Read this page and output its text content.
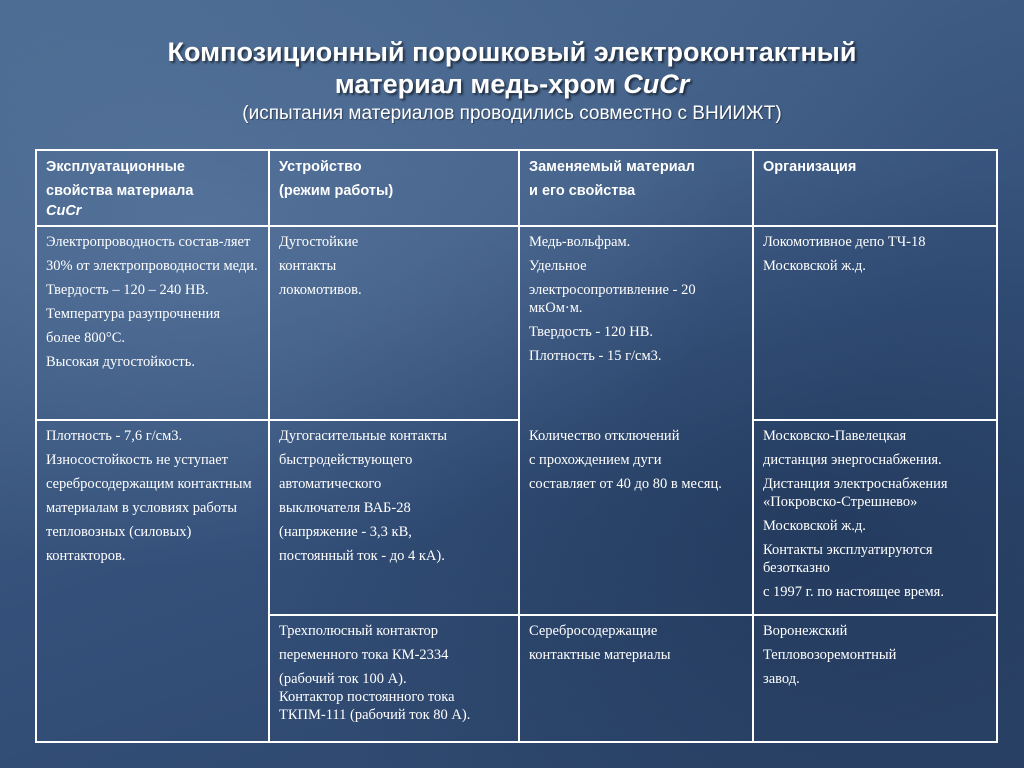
Композиционный порошковый электроконтактный
материал медь-хром CuCr
(испытания материалов проводились совместно с ВНИИЖТ)
Эксплуатационные
свойства материала
CuCr
Устройство
(режим работы)
Заменяемый материал
и его свойства
Организация

Электропроводность состав-ляет

30% от электропроводности меди.

Твердость – 120 – 240 НВ.

Температура разупрочнения

более 800°С.

Высокая дугостойкость.

Плотность - 7,6 г/см3.

Износостойкость не уступает

серебросодержащим контактным

материалам в условиях работы

тепловозных (силовых)

контакторов.

Дугостойкие

контакты

локомотивов.

Медь-вольфрам.

Удельное

электросопротивление - 20 мкОм·м.

Твердость - 120 НВ.

Плотность - 15 г/см3.

Локомотивное депо ТЧ-18

Московской ж.д.

Дугогасительные контакты

быстродействующего

автоматического

выключателя ВАБ-28

(напряжение - 3,3 кВ,

постоянный ток - до 4 кА).

Количество отключений

с прохождением дуги

составляет от 40 до 80 в месяц.

Московско-Павелецкая

дистанция энергоснабжения.

Дистанция электроснабжения «Покровско-Стрешнево»

Московской ж.д.

Контакты эксплуатируются безотказно

с 1997 г. по настоящее время.

Трехполюсный контактор

переменного тока КМ-2334

(рабочий ток 100 А).

Контактор постоянного тока ТКПМ-111 (рабочий ток 80 А).

Серебросодержащие

контактные материалы

Воронежский

Тепловозоремонтный

завод.
